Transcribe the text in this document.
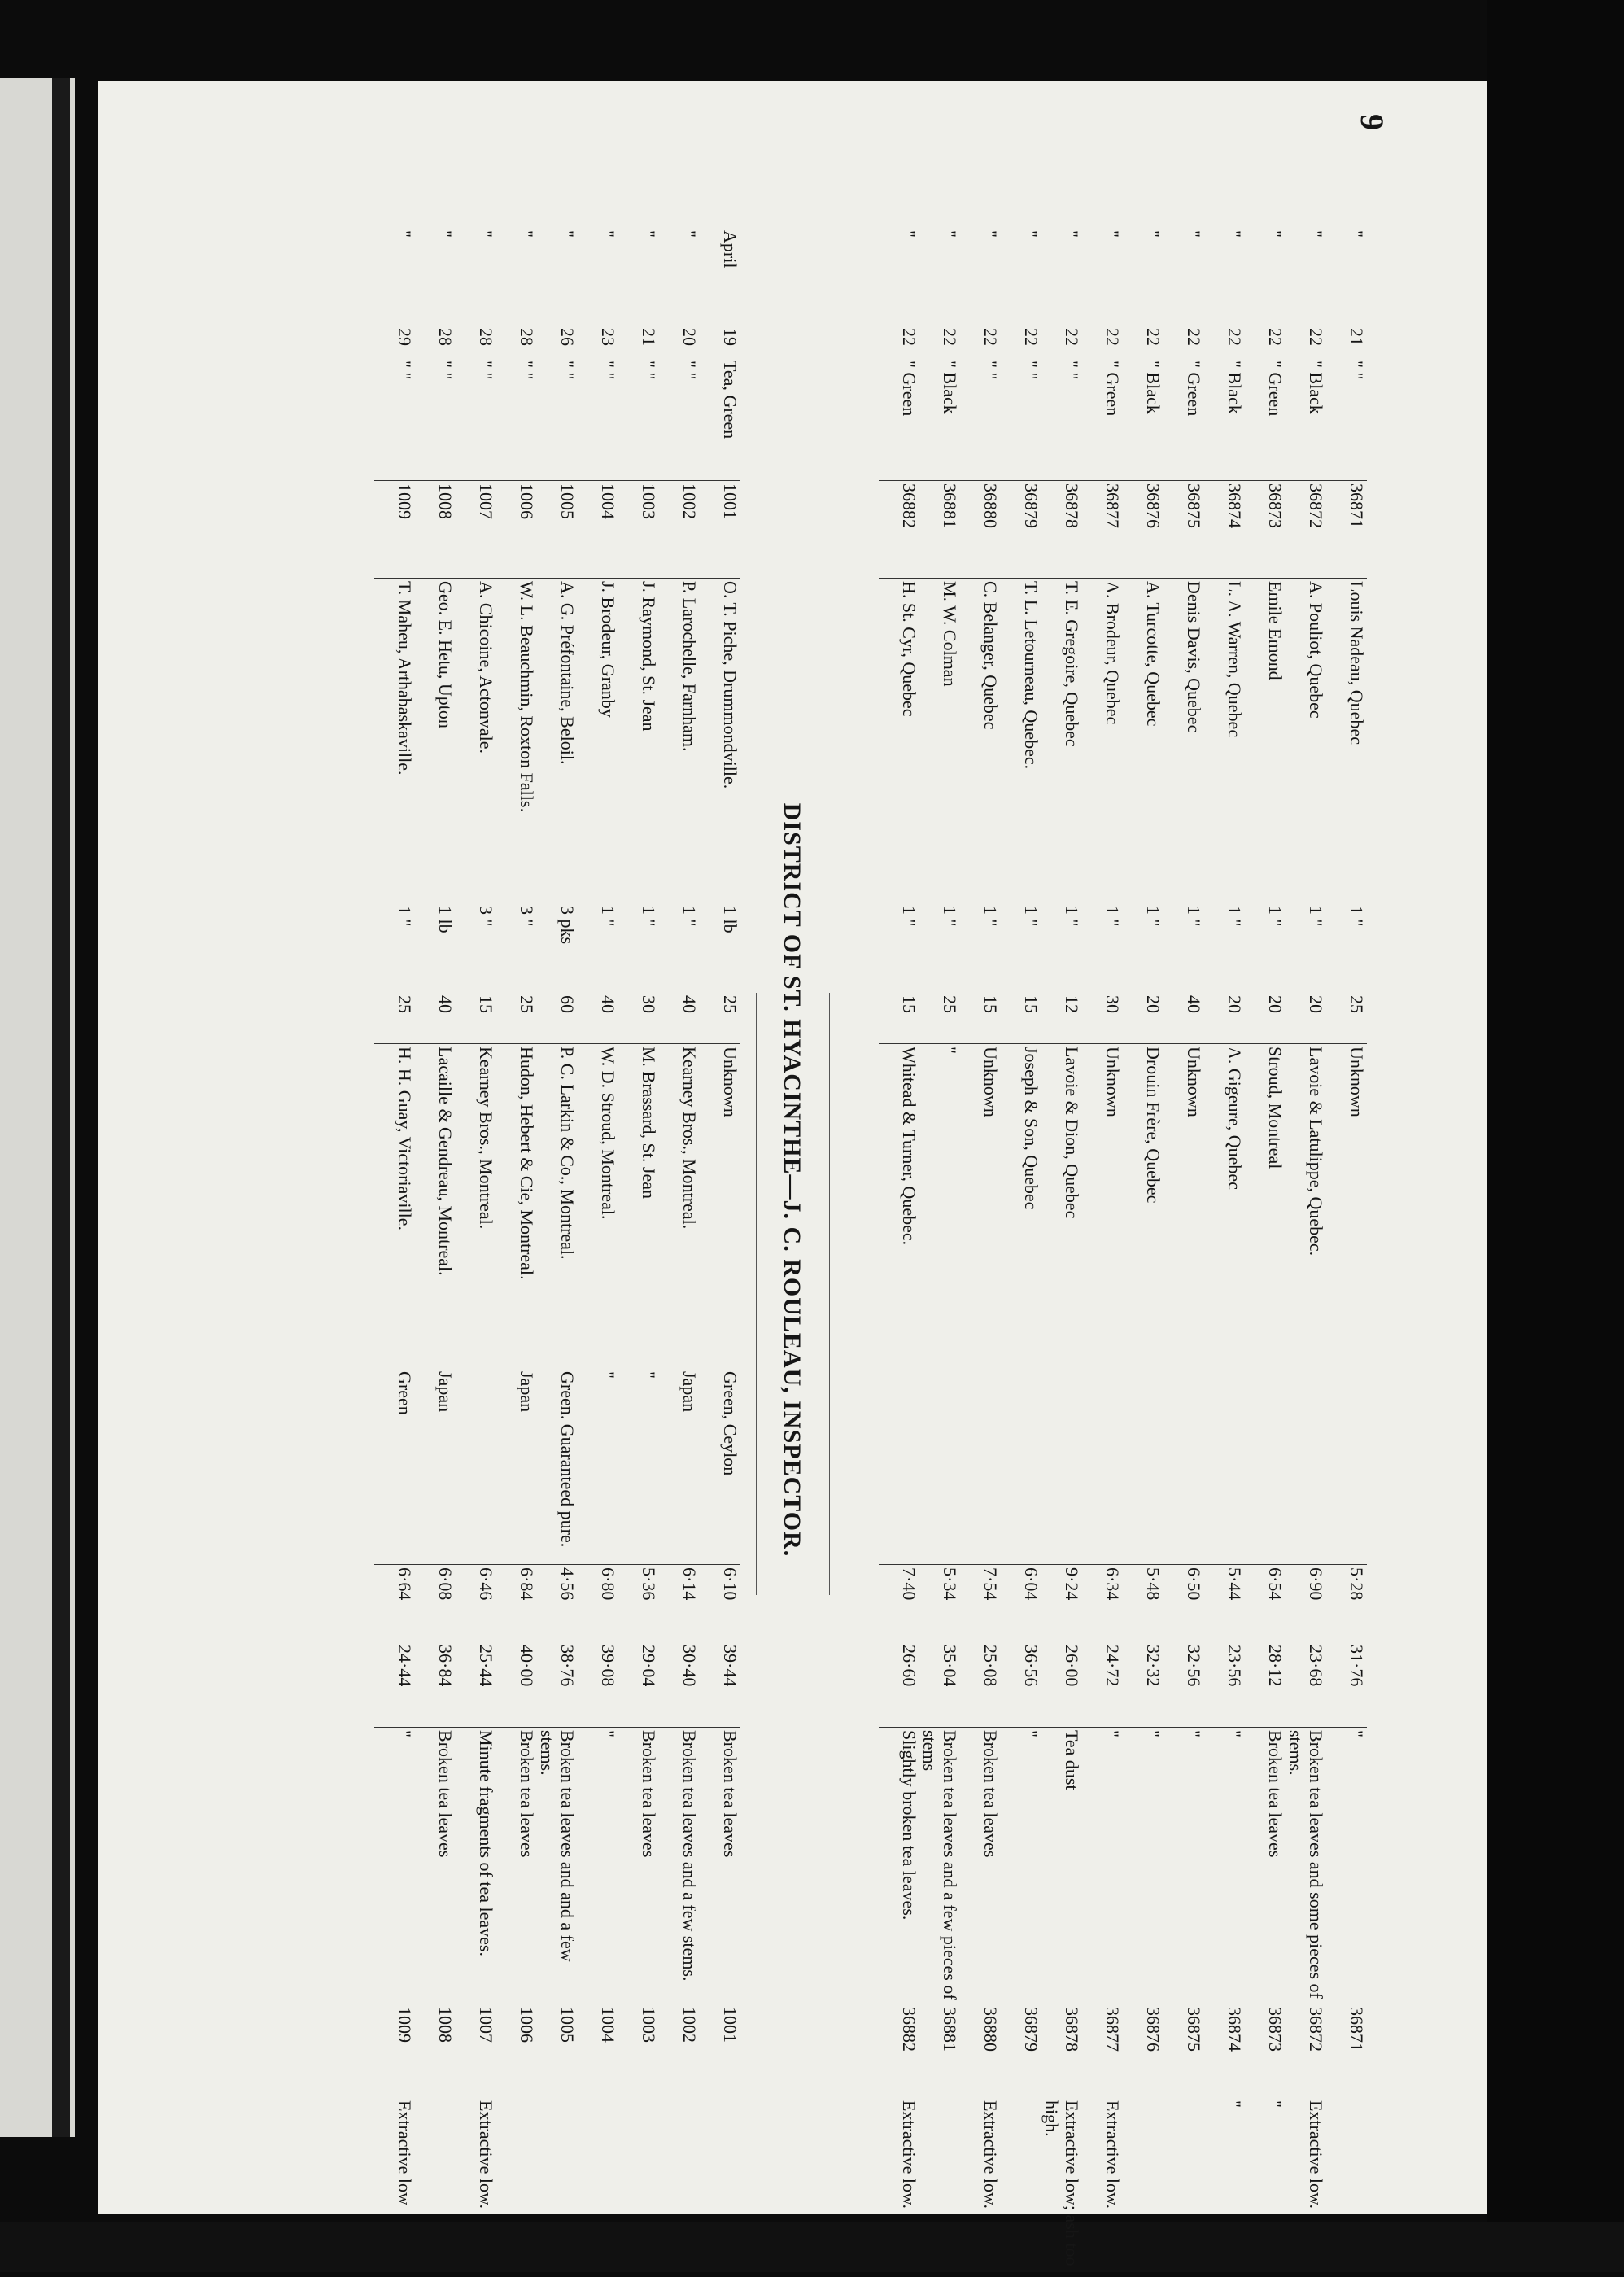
9
"
21
" "
36871
Louis Nadeau, Quebec
1 "
25
Unknown
5·28
31·76
"
36871
"
22
" Black
36872
A. Pouliot, Quebec
1 "
20
Lavoie & Latulippe, Quebec.
6·90
23·68
Broken tea leaves and some pieces of stems.
36872
Extractive low.
"
22
" Green
36873
Emile Emond
1 "
20
Stroud, Montreal
6·54
28·12
Broken tea leaves
36873
"
"
22
" Black
36874
L. A. Warren, Quebec
1 "
20
A. Gigeure, Quebec
5·44
23·56
"
36874
"
"
22
" Green
36875
Denis Davis, Quebec
1 "
40
Unknown
6·50
32·56
"
36875
"
22
" Black
36876
A. Turcotte, Quebec
1 "
20
Drouin Frère, Quebec
5·48
32·32
"
36876
"
22
" Green
36877
A. Brodeur, Quebec
1 "
30
Unknown
6·34
24·72
"
36877
Extractive low.
"
22
" "
36878
T. E. Gregoire, Quebec
1 "
12
Lavoie & Dion, Quebec
9·24
26·00
Tea dust
36878
Extractive low; ash too high.
"
22
" "
36879
T. L. Letourneau, Quebec.
1 "
15
Joseph & Son, Quebec
6·04
36·56
"
36879
"
22
" "
36880
C. Belanger, Quebec
1 "
15
Unknown
7·54
25·08
Broken tea leaves
36880
Extractive low.
"
22
" Black
36881
M. W. Colman
1 "
25
"
5·34
35·04
Broken tea leaves and a few pieces of stems
36881
"
22
" Green
36882
H. St. Cyr, Quebec
1 "
15
Whitead & Turner, Quebec.
7·40
26·60
Slightly broken tea leaves.
36882
Extractive low.
DISTRICT OF ST. HYACINTHE—J. C. ROULEAU, INSPECTOR.
April
19
Tea, Green
1001
O. T. Piche, Drummondville.
1 lb
25
Unknown
Green, Ceylon
6·10
39·44
Broken tea leaves
1001
"
20
" "
1002
P. Larochelle, Farnham.
1 "
40
Kearney Bros., Montreal.
Japan
6·14
30·40
Broken tea leaves and a few stems.
1002
"
21
" "
1003
J. Raymond, St. Jean
1 "
30
M. Brassard, St. Jean
"
5·36
29·04
Broken tea leaves
1003
"
23
" "
1004
J. Brodeur, Granby
1 "
40
W. D. Stroud, Montreal.
"
6·80
39·08
"
1004
"
26
" "
1005
A. G. Préfontaine, Beloil.
3 pks
60
P. C. Larkin & Co., Montreal.
Green. Guaranteed pure.
4·56
38·76
Broken tea leaves and and a few stems.
1005
"
28
" "
1006
W. L. Beauchmin, Roxton Falls.
3 "
25
Hudon, Hebert & Cie, Montreal.
Japan
6·84
40·00
Broken tea leaves
1006
"
28
" "
1007
A. Chicoine, Actonvale.
3 "
15
Kearney Bros., Montreal.
6·46
25·44
Minute fragments of tea leaves.
1007
Extractive low.
"
28
" "
1008
Geo. E. Hetu, Upton
1 lb
40
Lacaille & Gendreau, Montreal.
Japan
6·08
36·84
Broken tea leaves
1008
"
29
" "
1009
T. Maheu, Arthabaskaville.
1 "
25
H. H. Guay, Victoriaville.
Green
6·64
24·44
"
1009
Extractive low
